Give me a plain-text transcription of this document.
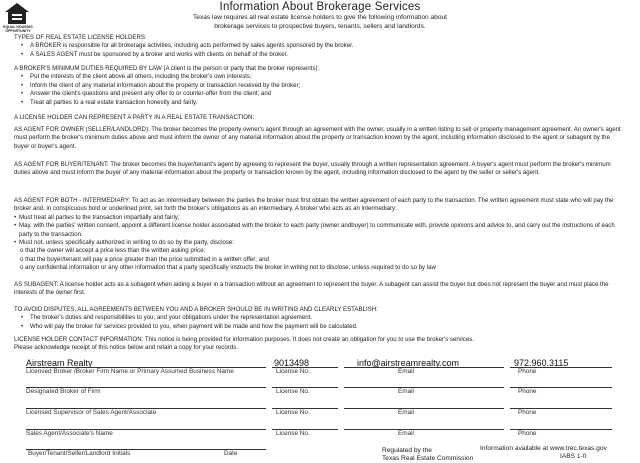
EQUAL HOUSING OPPORTUNITY
Information About Brokerage Services
Texas law requires all real estate license holders to give the following information about
brokerage services to prospective buyers, tenants, sellers and landlords.

TYPES OF REAL ESTATE LICENSE HOLDERS:

• A BROKER is responsible for all brokerage activities, including acts performed by sales agents sponsored by the broker.
• A SALES AGENT must be sponsored by a broker and works with clients on behalf of the broker.

A BROKER'S MINIMUM DUTIES REQUIRED BY LAW (A client is the person or party that the broker represents):

• Put the interests of the client above all others, including the broker's own interests;
• Inform the client of any material information about the property or transaction received by the broker;
• Answer the client's questions and present any offer to or counter-offer from the client; and
• Treat all parties to a real estate transaction honestly and fairly.
A LICENSE HOLDER CAN REPRESENT A PARTY IN A REAL ESTATE TRANSACTION:
AS AGENT FOR OWNER (SELLER/LANDLORD): The broker becomes the property owner's agent through an agreement with the owner, usually in a written listing to sell or property management agreement. An owner's agent must perform the broker's minimum duties above and must inform the owner of any material information about the property or transaction known by the agent, including information disclosed to the agent or subagent by the buyer or buyer's agent.
AS AGENT FOR BUYER/TENANT: The broker becomes the buyer/tenant's agent by agreeing to represent the buyer, usually through a written representation agreement. A buyer's agent must perform the broker's minimum duties above and must inform the buyer of any material information about the property or transaction known by the agent, including information disclosed to the agent by the seller or seller's agent.

AS AGENT FOR BOTH - INTERMEDIARY: To act as an intermediary between the parties the broker must first obtain the written agreement of each party to the transaction. The written agreement must state who will pay the broker and, in conspicuous bold or underlined print, set forth the broker's obligations as an intermediary. A broker who acts as an intermediary:

• Must treat all parties to the transaction impartially and fairly;
• May, with the parties' written consent, appoint a different license holder associated with the broker to each party (owner andbuyer) to communicate with, provide opinions and advice to, and carry out the instructions of each party to the transaction.
• Must not, unless specifically authorized in writing to do so by the party, disclose:
o that the owner will accept a price less than the written asking price;
o that the buyer/tenant will pay a price greater than the price submitted in a written offer; and
o any confidential information or any other information that a party specifically instructs the broker in writing not to disclose, unless required to do so by law
AS SUBAGENT: A license holder acts as a subagent when aiding a buyer in a transaction without an agreement to represent the buyer. A subagent can assist the buyer but does not represent the buyer and must place the interests of the owner first.

TO AVOID DISPUTES, ALL AGREEMENTS BETWEEN YOU AND A BROKER SHOULD BE IN WRITING AND CLEARLY ESTABLISH:

• The broker's duties and responsibilities to you, and your obligations under the representation agreement.
• Who will pay the broker for services provided to you, when payment will be made and how the payment will be calculated.

LICENSE HOLDER CONTACT INFORMATION: This notice is being provided for information purposes. It does not create an obligation for you to use the broker's services.

Please acknowledge receipt of this notice below and retain a copy for your records.

Airstream Realty	9013498	info@airstreamrealty.com	972.960.3115
Licensed Broker /Broker Firm Name or Primary Assumed Business Name	License No.	Email	Phone
Designated Broker of Firm	License No.	Email	Phone
Licensed Supervisor of Sales Agent/Associate	License No.	Email	Phone
Sales Agent/Associate's Name	License No.	Email	Phone
Buyer/Tenant/Seller/Landlord Initials	Date	Regulated by the
Texas Real Estate Commission
Information available at www.trec.texas.gov
IABS 1-0
